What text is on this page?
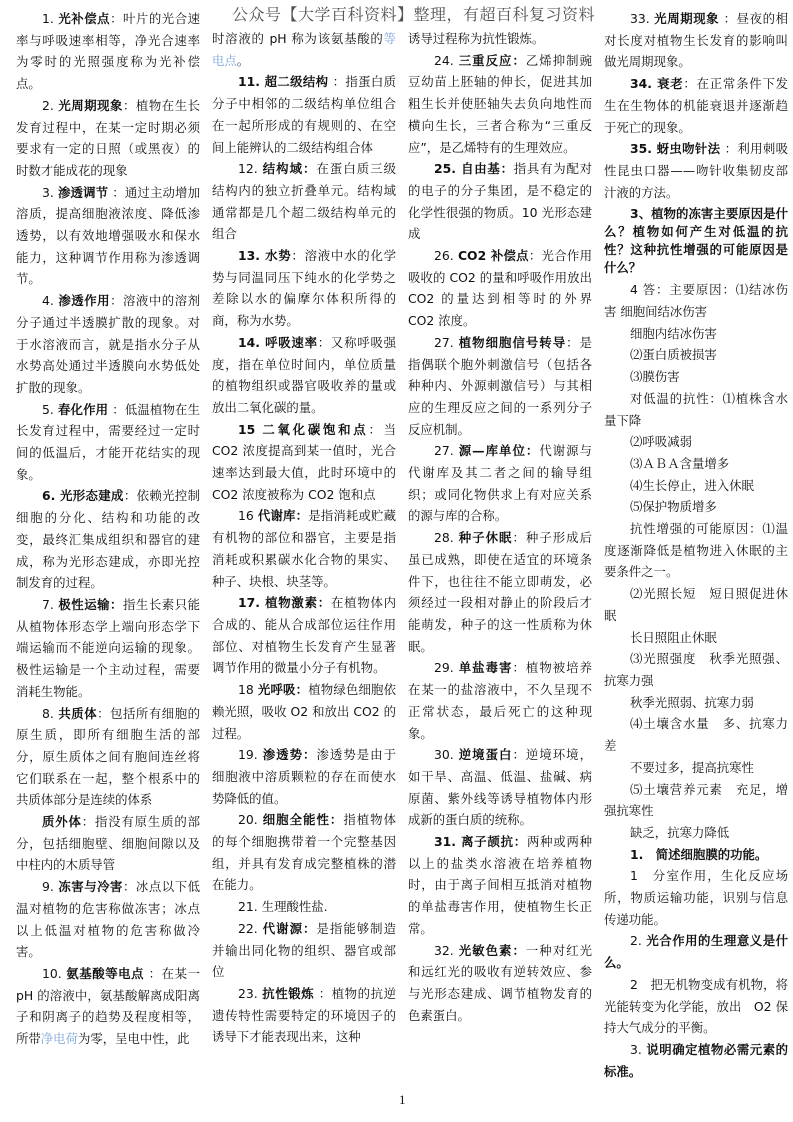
公众号【大学百科资料】整理，有超百科复习资料

1. 光补偿点：叶片的光合速率与呼吸速率相等，净光合速率为零时的光照强度称为光补偿点。

2. 光周期现象：植物在生长发育过程中，在某一定时期必须要求有一定的日照（或黑夜）的时数才能成花的现象

3. 渗透调节 ：通过主动增加溶质，提高细胞液浓度、降低渗透势，以有效地增强吸水和保水能力，这种调节作用称为渗透调节。

4. 渗透作用：溶液中的溶剂分子通过半透膜扩散的现象。对于水溶液而言，就是指水分子从水势高处通过半透膜向水势低处扩散的现象。

5. 春化作用 ：低温植物在生长发育过程中，需要经过一定时间的低温后，才能开花结实的现象。

6. 光形态建成：依赖光控制细胞的分化、结构和功能的改变，最终汇集成组织和器官的建成，称为光形态建成，亦即光控制发育的过程。

7. 极性运输：指生长素只能从植物体形态学上端向形态学下端运输而不能逆向运输的现象。极性运输是一个主动过程，需要消耗生物能。

8. 共质体：包括所有细胞的原生质，即所有细胞生活的部分，原生质体之间有胞间连丝将它们联系在一起，整个根系中的共质体部分是连续的体系

质外体：指没有原生质的部分，包括细胞壁、细胞间隙以及中柱内的木质导管

9. 冻害与冷害：冰点以下低温对植物的危害称做冻害；冰点以上低温对植物的危害称做冷害。

10. 氨基酸等电点 ：在某一pH 的溶液中，氨基酸解离成阳离子和阴离子的趋势及程度相等，所带净电荷为零，呈电中性，此

时溶液的 pH 称为该氨基酸的等电点。

11. 超二级结构 ：指蛋白质分子中相邻的二级结构单位组合在一起所形成的有规则的、在空间上能辨认的二级结构组合体

12. 结构域：在蛋白质三级结构内的独立折叠单元。结构域通常都是几个超二级结构单元的组合

13. 水势：溶液中水的化学势与同温同压下纯水的化学势之差除以水的偏摩尔体积所得的商，称为水势。

14. 呼吸速率：又称呼吸强度，指在单位时间内，单位质量的植物组织或器官吸收养的量或放出二氧化碳的量。

15 二氧化碳饱和点：当 CO2 浓度提高到某一值时，光合速率达到最大值，此时环境中的 CO2 浓度被称为 CO2 饱和点

16 代谢库：是指消耗或贮藏有机物的部位和器官，主要是指消耗或积累碳水化合物的果实、种子、块根、块茎等。

17. 植物激素：在植物体内合成的、能从合成部位运往作用部位、对植物生长发育产生显著调节作用的微量小分子有机物。

18 光呼吸：植物绿色细胞依赖光照，吸收 O2 和放出 CO2 的过程。

19. 渗透势：渗透势是由于细胞液中溶质颗粒的存在而使水势降低的值。

20. 细胞全能性：指植物体的每个细胞携带着一个完整基因组，并具有发育成完整植株的潜 在能力。

21. 生理酸性盐.

22. 代谢源：是指能够制造并输出同化物的组织、器官或部位

23. 抗性锻炼 ：植物的抗逆遗传特性需要特定的环境因子的诱导下才能表现出来，这种

诱导过程称为抗性锻炼。

24. 三重反应：乙烯抑制豌豆幼苗上胚轴的伸长，促进其加粗生长并使胚轴失去负向地性而横向生长，三者合称为“三重反应”，是乙烯特有的生理效应。

25. 自由基：指具有为配对的电子的分子集团，是不稳定的化学性很强的物质。10 光形态建成

26. CO2 补偿点：光合作用吸收的 CO2 的量和呼吸作用放出 CO2 的量达到相等时的外界 CO2 浓度。

27. 植物细胞信号转导：是指偶联个胞外刺激信号（包括各种种内、外源刺激信号）与其相应的生理反应之间的一系列分子反应机制。

27. 源—库单位：代谢源与代谢库及其二者之间的输导组织；或同化物供求上有对应关系的源与库的合称。

28. 种子休眠：种子形成后虽已成熟，即使在适宜的环境条件下，也往往不能立即萌发，必须经过一段相对静止的阶段后才能萌发，种子的这一性质称为休眠。

29. 单盐毒害：植物被培养在某一的盐溶液中，不久呈现不正常状态，最后死亡的这种现象。

30. 逆境蛋白：逆境环境，如干旱、高温、低温、盐碱、病原菌、紫外线等诱导植物体内形成新的蛋白质的统称。

31. 离子颉抗：两种或两种以上的盐类水溶液在培养植物时，由于离子间相互抵消对植物的单盐毒害作用，使植物生长正常。

32. 光敏色素：一种对红光和远红光的吸收有逆转效应、参与光形态建成、调节植物发育的色素蛋白。

33. 光周期现象 ：昼夜的相对长度对植物生长发育的影响叫做光周期现象。

34. 衰老：在正常条件下发生在生物体的机能衰退并逐渐趋于死亡的现象。

35. 蚜虫吻针法 ：利用刺吸性昆虫口器——吻针收集韧皮部汁液的方法。

3、植物的冻害主要原因是什么？植物如何产生对低温的抗性？这种抗性增强的可能原因是什么？

4 答：主要原因：⑴结冰伤害 细胞间结冰伤害

细胞内结冰伤害

⑵蛋白质被损害

⑶膜伤害

对低温的抗性：⑴植株含水量下降

⑵呼吸减弱

⑶ＡＢＡ含量增多

⑷生长停止，进入休眠

⑸保护物质增多

抗性增强的可能原因：⑴温度逐渐降低是植物进入休眠的主要条件之一。

⑵光照长短　短日照促进休眠

长日照阻止休眠

⑶光照强度　秋季光照强、抗寒力强

秋季光照弱、抗寒力弱

⑷土壤含水量　多、抗寒力差

不要过多，提高抗寒性

⑸土壤营养元素　充足，增强抗寒性

缺乏，抗寒力降低

1.　简述细胞膜的功能。

1　分室作用，生化反应场所，物质运输功能，识别与信息传递功能。

2. 光合作用的生理意义是什么。

2　把无机物变成有机物，将光能转变为化学能，放出　O2 保持大气成分的平衡。

3. 说明确定植物必需元素的标准。

1
